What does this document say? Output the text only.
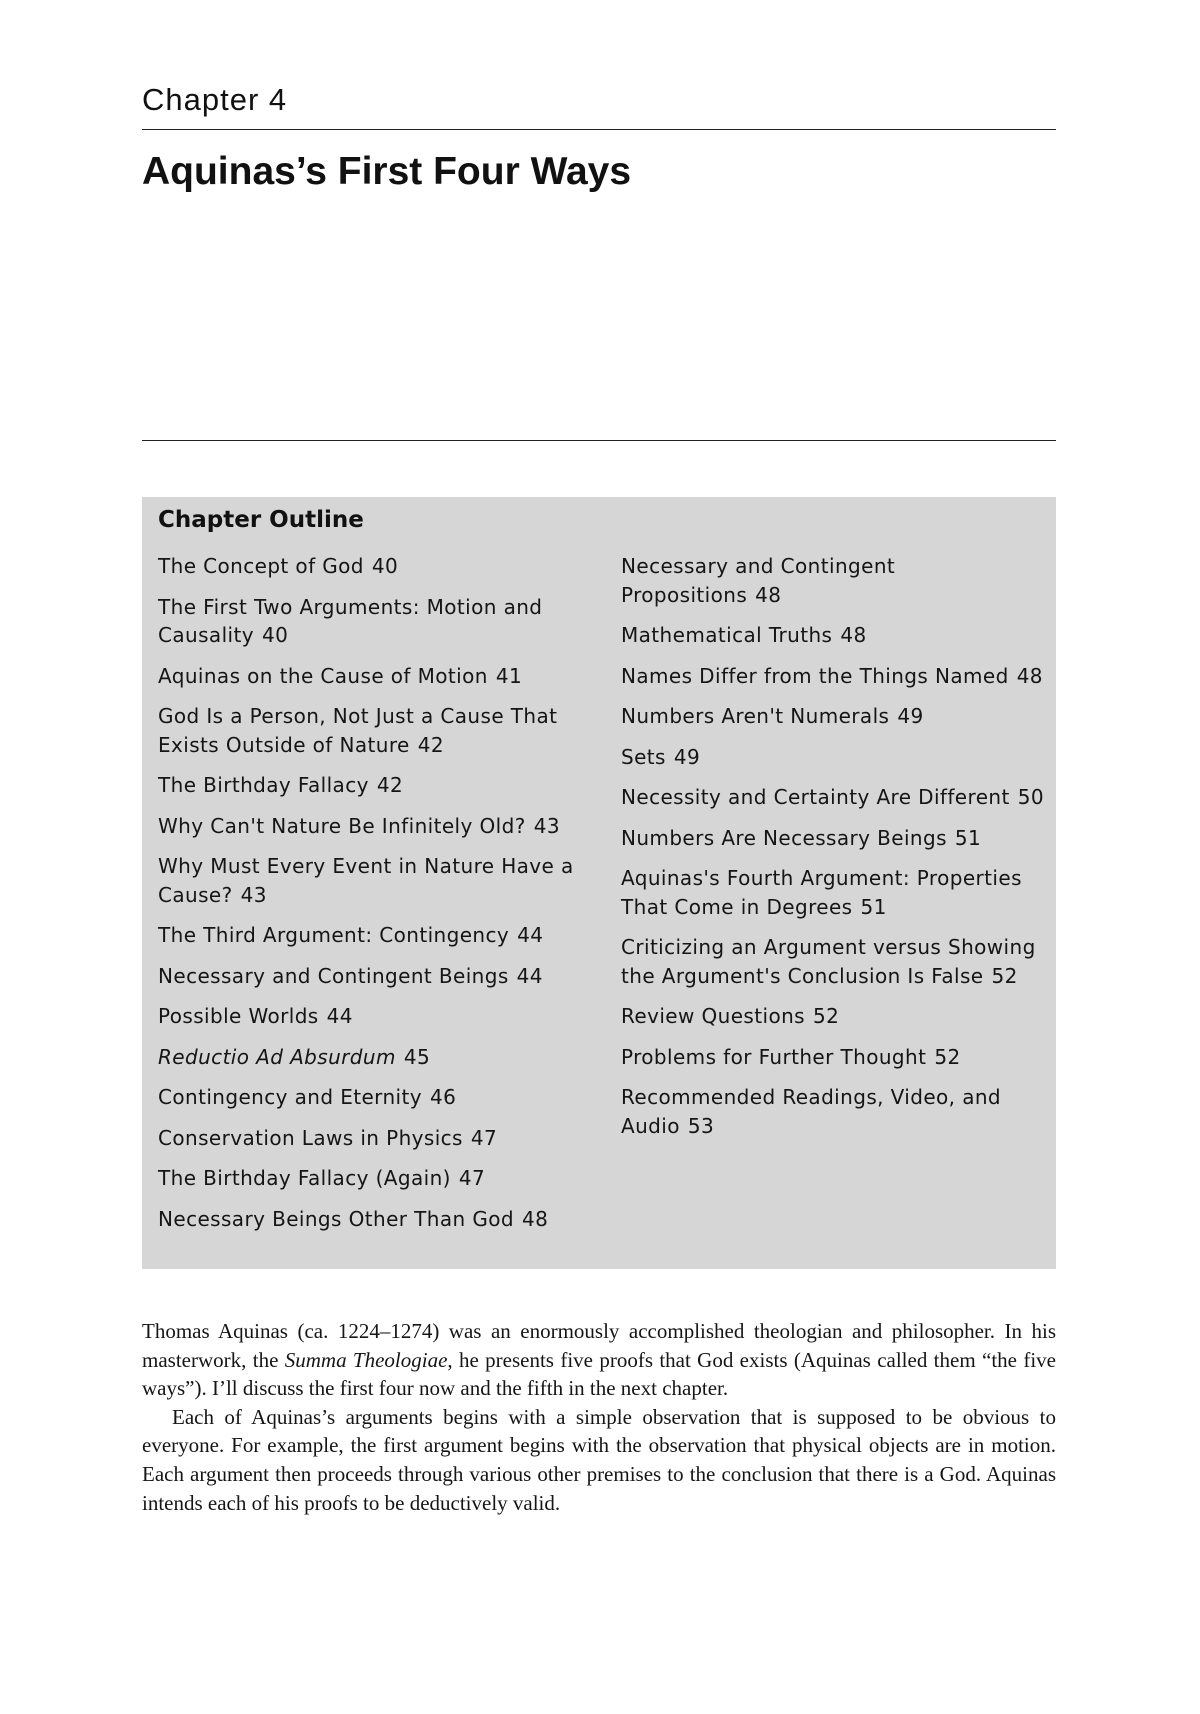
Chapter 4
Aquinas’s First Four Ways
Chapter Outline
The Concept of God 40
The First Two Arguments: Motion and Causality 40
Aquinas on the Cause of Motion 41
God Is a Person, Not Just a Cause That Exists Outside of Nature 42
The Birthday Fallacy 42
Why Can't Nature Be Infinitely Old? 43
Why Must Every Event in Nature Have a Cause? 43
The Third Argument: Contingency 44
Necessary and Contingent Beings 44
Possible Worlds 44
Reductio Ad Absurdum 45
Contingency and Eternity 46
Conservation Laws in Physics 47
The Birthday Fallacy (Again) 47
Necessary Beings Other Than God 48
Necessary and Contingent Propositions 48
Mathematical Truths 48
Names Differ from the Things Named 48
Numbers Aren't Numerals 49
Sets 49
Necessity and Certainty Are Different 50
Numbers Are Necessary Beings 51
Aquinas's Fourth Argument: Properties That Come in Degrees 51
Criticizing an Argument versus Showing the Argument's Conclusion Is False 52
Review Questions 52
Problems for Further Thought 52
Recommended Readings, Video, and Audio 53

Thomas Aquinas (ca. 1224–1274) was an enormously accomplished theologian and philosopher. In his masterwork, the Summa Theologiae, he presents five proofs that God exists (Aquinas called them “the five ways”). I’ll discuss the first four now and the fifth in the next chapter.

Each of Aquinas’s arguments begins with a simple observation that is supposed to be obvious to everyone. For example, the first argument begins with the observation that physical objects are in motion. Each argument then proceeds through various other premises to the conclusion that there is a God. Aquinas intends each of his proofs to be deductively valid.
